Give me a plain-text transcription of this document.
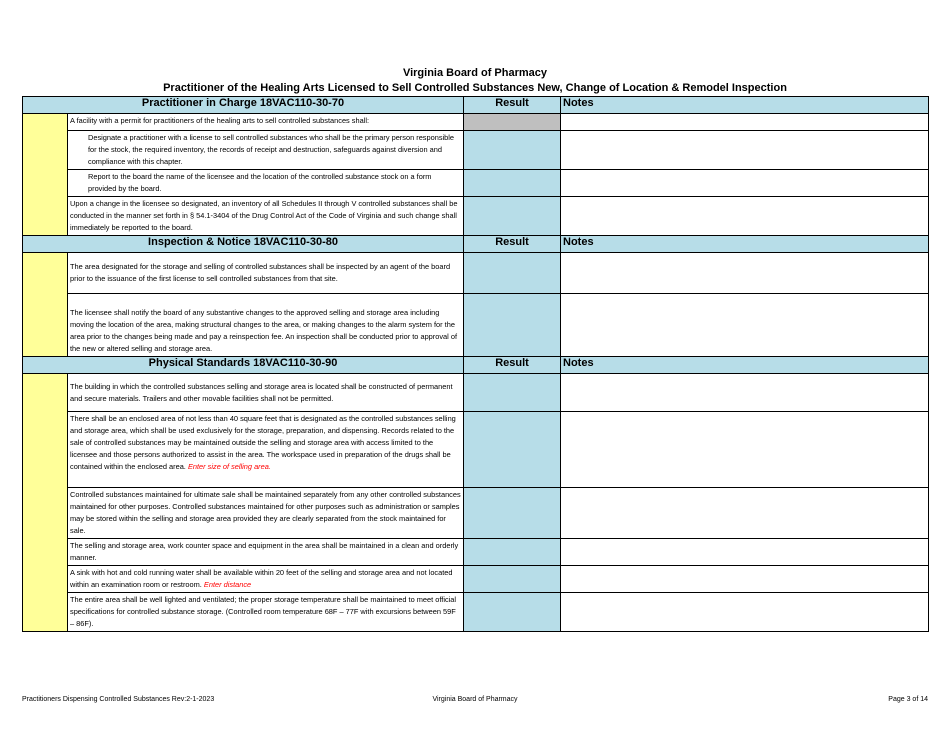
Virginia Board of Pharmacy
Practitioner of the Healing Arts Licensed to Sell Controlled Substances New, Change of Location & Remodel Inspection
Practitioner in Charge 18VAC110-30-70		Result	Notes

	A facility with a permit for practitioners of the healing arts to sell controlled substances shall:		

	Designate a practitioner with a license to sell controlled substances who shall be the primary person responsible for the stock, the required inventory, the records of receipt and destruction, safeguards against diversion and compliance with this chapter.		

	Report to the board the name of the licensee and the location of the controlled substance stock on a form provided by the board.		

	Upon a change in the licensee so designated, an inventory of all Schedules II through V controlled substances shall be conducted in the manner set forth in § 54.1-3404 of the Drug Control Act of the Code of Virginia and such change shall immediately be reported to the board.		

Inspection & Notice 18VAC110-30-80		Result	Notes

	The area designated for the storage and selling of controlled substances shall be inspected by an agent of the board prior to the issuance of the first license to sell controlled substances from that site.		

	The licensee shall notify the board of any substantive changes to the approved selling and storage area including moving the location of the area, making structural changes to the area, or making changes to the alarm system for the area prior to the changes being made and pay a reinspection fee. An inspection shall be conducted prior to approval of the new or altered selling and storage area.		

Physical Standards 18VAC110-30-90		Result	Notes

	The building in which the controlled substances selling and storage area is located shall be constructed of permanent and secure materials. Trailers and other movable facilities shall not be permitted.		

	There shall be an enclosed area of not less than 40 square feet that is designated as the controlled substances selling and storage area, which shall be used exclusively for the storage, preparation, and dispensing. Records related to the sale of controlled substances may be maintained outside the selling and storage area with access limited to the licensee and those persons authorized to assist in the area. The workspace used in preparation of the drugs shall be contained within the enclosed area. Enter size of selling area.		

	Controlled substances maintained for ultimate sale shall be maintained separately from any other controlled substances maintained for other purposes. Controlled substances maintained for other purposes such as administration or samples may be stored within the selling and storage area provided they are clearly separated from the stock maintained for sale.		

	The selling and storage area, work counter space and equipment in the area shall be maintained in a clean and orderly manner.		

	A sink with hot and cold running water shall be available within 20 feet of the selling and storage area and not located within an examination room or restroom. Enter distance		

	The entire area shall be well lighted and ventilated; the proper storage temperature shall be maintained to meet official specifications for controlled substance storage. (Controlled room temperature 68F – 77F with excursions between 59F – 86F).		

Practitioners Dispensing Controlled Substances Rev:2-1-2023	Virginia Board of Pharmacy	Page 3 of 14
